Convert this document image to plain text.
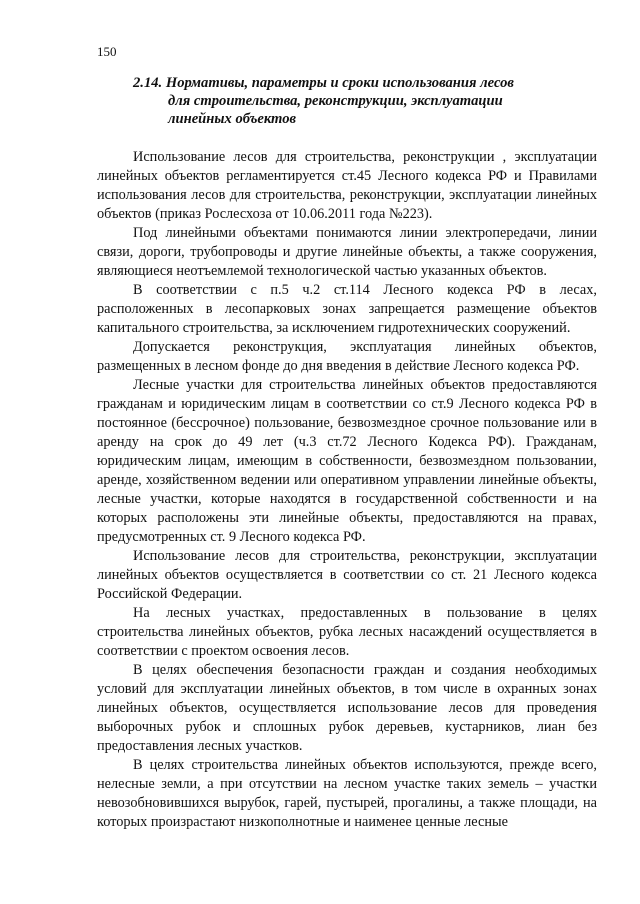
150
2.14. Нормативы, параметры и сроки использования лесов
для строительства, реконструкции, эксплуатации
линейных объектов

Использование лесов для строительства, реконструкции , эксплуатации линейных объектов регламентируется ст.45 Лесного кодекса РФ и Правилами использования лесов для строительства, реконструкции, эксплуатации линейных объектов (приказ Рослесхоза от 10.06.2011 года №223).

Под линейными объектами понимаются линии электропередачи, линии связи, дороги, трубопроводы и другие линейные объекты, а также сооружения, являющиеся неотъемлемой технологической частью указанных объектов.

В соответствии с п.5 ч.2 ст.114 Лесного кодекса РФ в лесах, расположенных в лесопарковых зонах запрещается размещение объектов капитального строительства, за исключением гидротехнических сооружений.

Допускается реконструкция, эксплуатация линейных объектов, размещенных в лесном фонде до дня введения в действие Лесного кодекса РФ.

Лесные участки для строительства линейных объектов предоставляются гражданам и юридическим лицам в соответствии со ст.9 Лесного кодекса РФ в постоянное (бессрочное) пользование, безвозмездное срочное пользование или в аренду на срок до 49 лет (ч.3 ст.72 Лесного Кодекса РФ). Гражданам, юридическим лицам, имеющим в собственности, безвозмездном пользовании, аренде, хозяйственном ведении или оперативном управлении линейные объекты, лесные участки, которые находятся в государственной собственности и на которых расположены эти линейные объекты, предоставляются на правах, предусмотренных ст. 9 Лесного кодекса РФ.

Использование лесов для строительства, реконструкции, эксплуатации линейных объектов осуществляется в соответствии со ст. 21 Лесного кодекса Российской Федерации.

На лесных участках, предоставленных в пользование в целях строительства линейных объектов, рубка лесных насаждений осуществляется в соответствии с проектом освоения лесов.

В целях обеспечения безопасности граждан и создания необходимых условий для эксплуатации линейных объектов, в том числе в охранных зонах линейных объектов, осуществляется использование лесов для проведения выборочных рубок и сплошных рубок деревьев, кустарников, лиан без предоставления лесных участков.

В целях строительства линейных объектов используются, прежде всего, нелесные земли, а при отсутствии на лесном участке таких земель – участки невозобновившихся вырубок, гарей, пустырей, прогалины, а также площади, на которых произрастают низкополнотные и наименее ценные лесные
